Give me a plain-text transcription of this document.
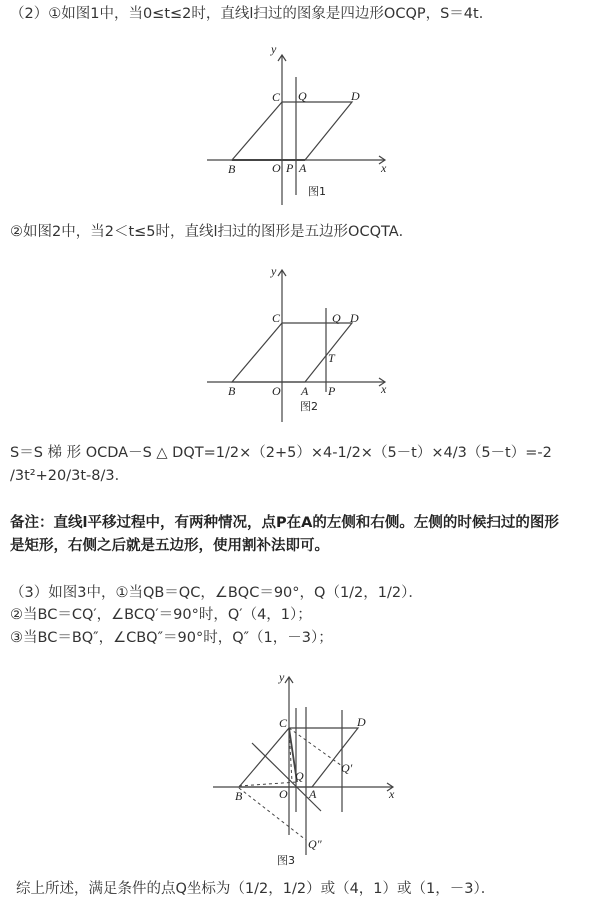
（2）①如图1中，当0≤t≤2时，直线l扫过的图象是四边形OCQP，S＝4t．
y
x
C Q	D
B	O P A
图1
②如图2中，当2＜t≤5时，直线l扫过的图形是五边形OCQTA．
y
x
C	Q D
T
B	O A P
图2
S＝S 梯 形 OCDA－S △ DQT=1/2×（2+5）×4-1/2×（5－t）×4/3（5－t）=-2
/3t²+20/3t-8/3．
备注：直线l平移过程中，有两种情况，点P在A的左侧和右侧。左侧的时候扫过的图形
是矩形，右侧之后就是五边形，使用割补法即可。
（3）如图3中，①当QB＝QC，∠BQC＝90°，Q（1/2，1/2）．
②当BC＝CQ′，∠BCQ′＝90°时，Q′（4，1）；
③当BC＝BQ″，∠CBQ″＝90°时，Q″（1，－3）；
y
x
C	D
Q
Q′
Q″
B	O A
图3
综上所述，满足条件的点Q坐标为（1/2，1/2）或（4，1）或（1，－3）．
